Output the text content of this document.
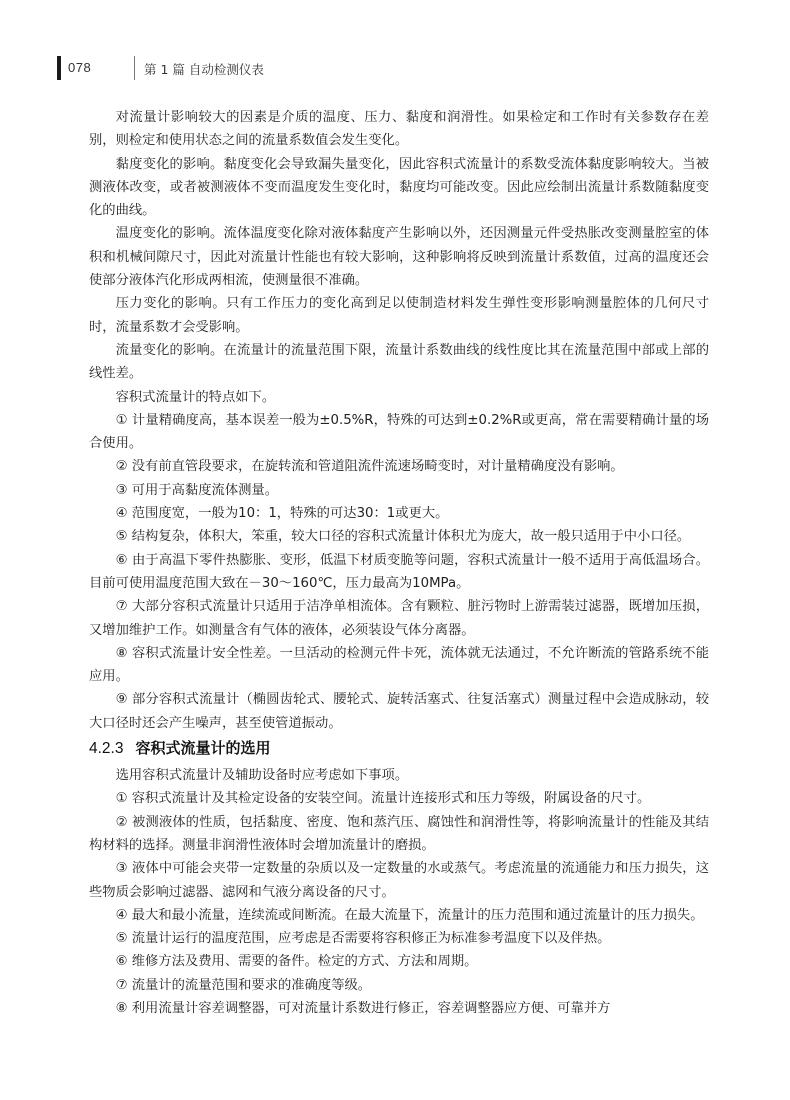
078	第 1 篇 自动检测仪表

对流量计影响较大的因素是介质的温度、压力、黏度和润滑性。如果检定和工作时有关参数存在差别，则检定和使用状态之间的流量系数值会发生变化。

黏度变化的影响。黏度变化会导致漏失量变化，因此容积式流量计的系数受流体黏度影响较大。当被测液体改变，或者被测液体不变而温度发生变化时，黏度均可能改变。因此应绘制出流量计系数随黏度变化的曲线。

温度变化的影响。流体温度变化除对液体黏度产生影响以外，还因测量元件受热胀改变测量腔室的体积和机械间隙尺寸，因此对流量计性能也有较大影响，这种影响将反映到流量计系数值，过高的温度还会使部分液体汽化形成两相流，使测量很不准确。

压力变化的影响。只有工作压力的变化高到足以使制造材料发生弹性变形影响测量腔体的几何尺寸时，流量系数才会受影响。

流量变化的影响。在流量计的流量范围下限，流量计系数曲线的线性度比其在流量范围中部或上部的线性差。

容积式流量计的特点如下。

① 计量精确度高，基本误差一般为±0.5%R，特殊的可达到±0.2%R或更高，常在需要精确计量的场合使用。

② 没有前直管段要求，在旋转流和管道阻流件流速场畸变时，对计量精确度没有影响。

③ 可用于高黏度流体测量。

④ 范围度宽，一般为10：1，特殊的可达30：1或更大。

⑤ 结构复杂，体积大，笨重，较大口径的容积式流量计体积尤为庞大，故一般只适用于中小口径。

⑥ 由于高温下零件热膨胀、变形，低温下材质变脆等问题，容积式流量计一般不适用于高低温场合。目前可使用温度范围大致在－30～160℃，压力最高为10MPa。

⑦ 大部分容积式流量计只适用于洁净单相流体。含有颗粒、脏污物时上游需装过滤器，既增加压损，又增加维护工作。如测量含有气体的液体，必须装设气体分离器。

⑧ 容积式流量计安全性差。一旦活动的检测元件卡死，流体就无法通过，不允许断流的管路系统不能应用。

⑨ 部分容积式流量计（椭圆齿轮式、腰轮式、旋转活塞式、往复活塞式）测量过程中会造成脉动，较大口径时还会产生噪声，甚至使管道振动。

4.2.3 容积式流量计的选用

选用容积式流量计及辅助设备时应考虑如下事项。

① 容积式流量计及其检定设备的安装空间。流量计连接形式和压力等级，附属设备的尺寸。

② 被测液体的性质，包括黏度、密度、饱和蒸汽压、腐蚀性和润滑性等，将影响流量计的性能及其结构材料的选择。测量非润滑性液体时会增加流量计的磨损。

③ 液体中可能会夹带一定数量的杂质以及一定数量的水或蒸气。考虑流量的流通能力和压力损失，这些物质会影响过滤器、滤网和气液分离设备的尺寸。

④ 最大和最小流量，连续流或间断流。在最大流量下，流量计的压力范围和通过流量计的压力损失。

⑤ 流量计运行的温度范围，应考虑是否需要将容积修正为标准参考温度下以及伴热。

⑥ 维修方法及费用、需要的备件。检定的方式、方法和周期。

⑦ 流量计的流量范围和要求的准确度等级。

⑧ 利用流量计容差调整器，可对流量计系数进行修正，容差调整器应方便、可靠并方
